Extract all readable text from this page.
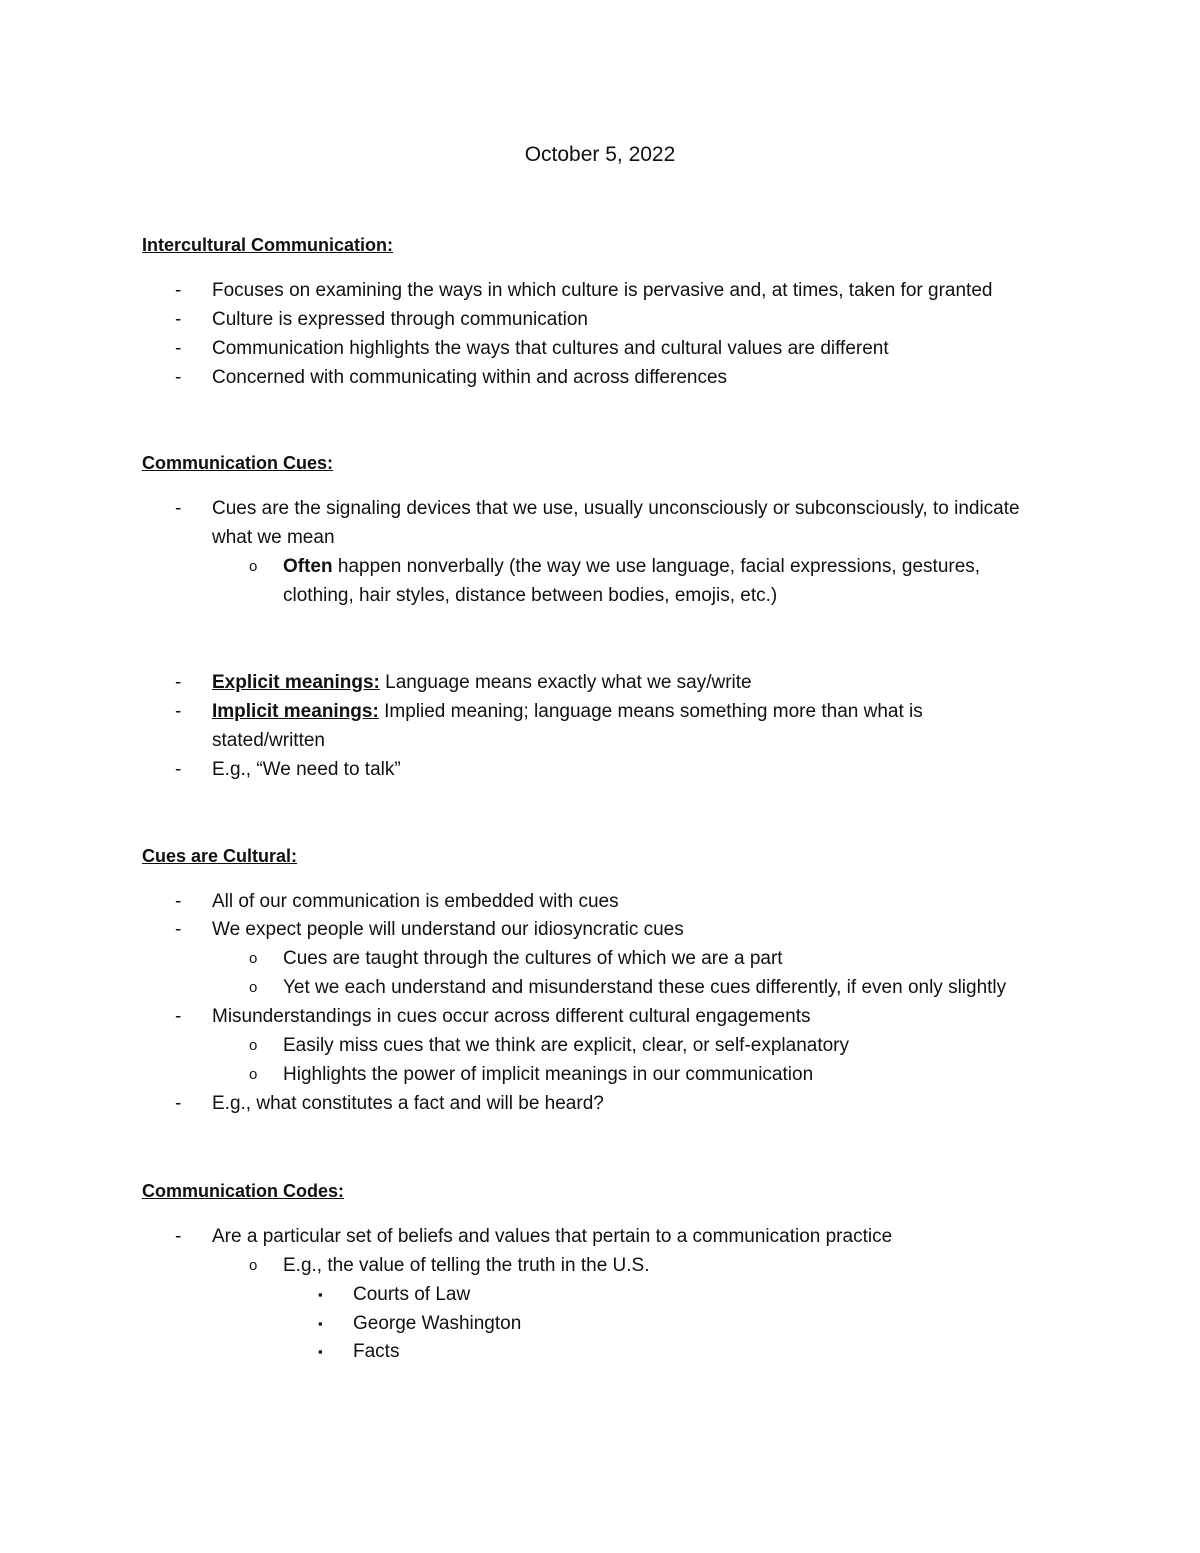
October 5, 2022
Intercultural Communication:
- Focuses on examining the ways in which culture is pervasive and, at times, taken for granted
- Culture is expressed through communication
- Communication highlights the ways that cultures and cultural values are different
- Concerned with communicating within and across differences
Communication Cues:
- Cues are the signaling devices that we use, usually unconsciously or subconsciously, to indicate what we mean
o Often happen nonverbally (the way we use language, facial expressions, gestures, clothing, hair styles, distance between bodies, emojis, etc.)
- Explicit meanings: Language means exactly what we say/write
- Implicit meanings: Implied meaning; language means something more than what is stated/written
- E.g., “We need to talk”
Cues are Cultural:
- All of our communication is embedded with cues
- We expect people will understand our idiosyncratic cues
o Cues are taught through the cultures of which we are a part
o Yet we each understand and misunderstand these cues differently, if even only slightly
- Misunderstandings in cues occur across different cultural engagements
o Easily miss cues that we think are explicit, clear, or self-explanatory
o Highlights the power of implicit meanings in our communication
- E.g., what constitutes a fact and will be heard?
Communication Codes:
- Are a particular set of beliefs and values that pertain to a communication practice
o E.g., the value of telling the truth in the U.S.
▪ Courts of Law
▪ George Washington
▪ Facts
